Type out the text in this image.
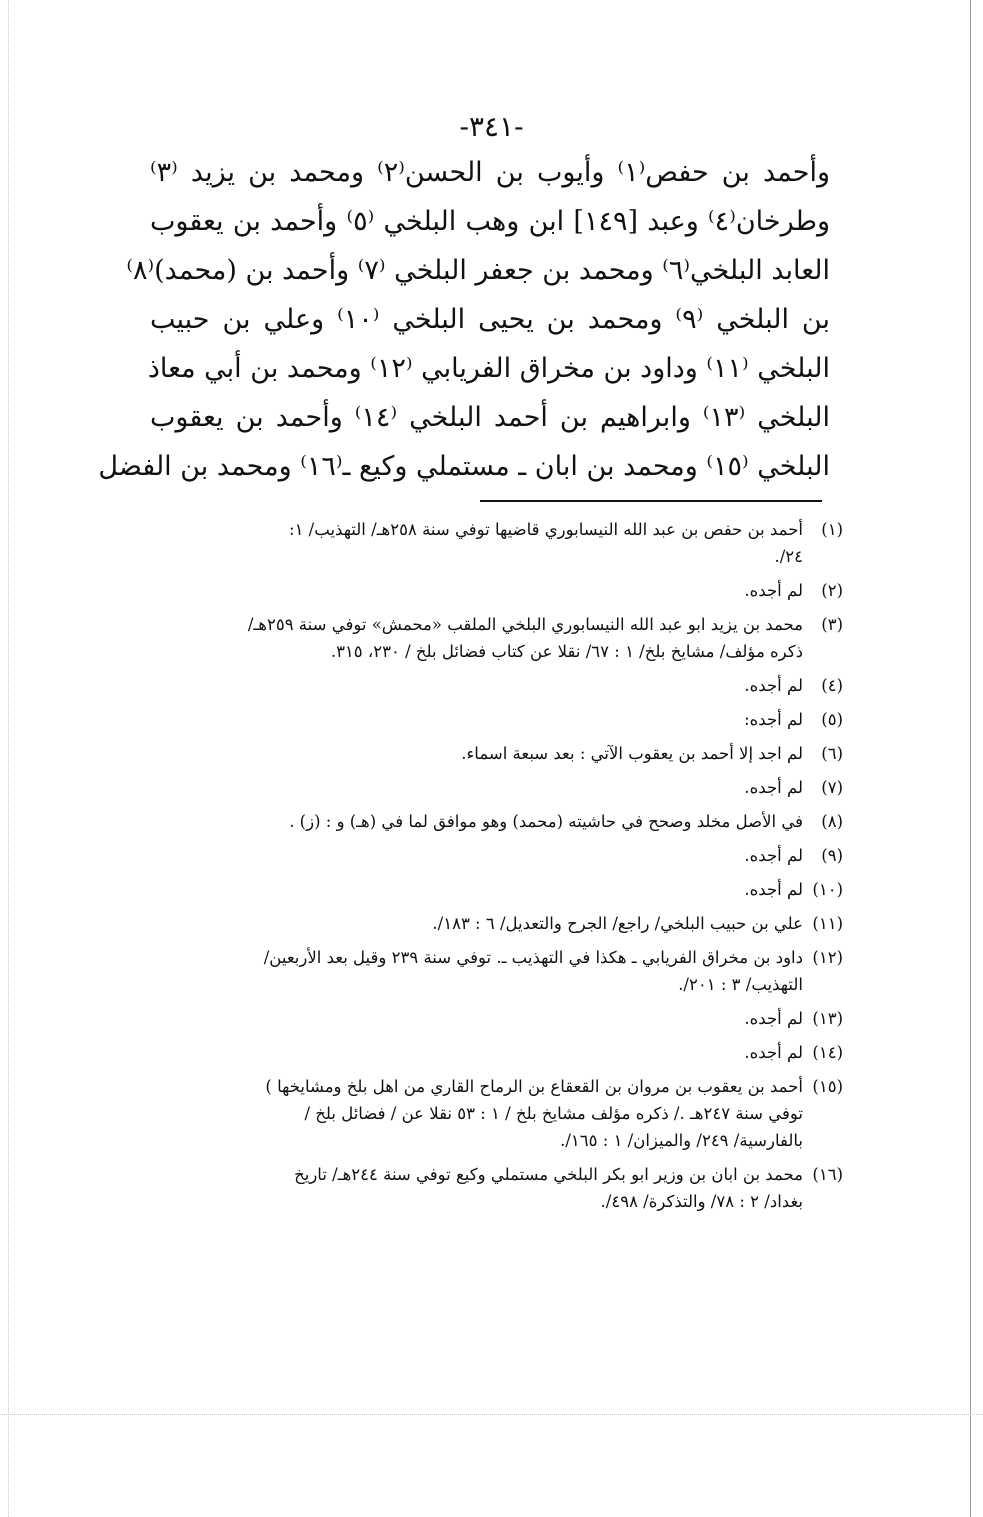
-٣٤١-
وأحمد بن حفص‏⁽١⁾ وأيوب بن الحسن‏⁽٢⁾ ومحمد بن يزيد ⁽٣⁾
وطرخان⁽٤⁾ وعبد [١٤٩] ابن وهب البلخي ⁽٥⁾ وأحمد بن يعقوب
العابد البلخي⁽٦⁾ ومحمد بن جعفر البلخي ⁽٧⁾ وأحمد بن (محمد)⁽٨⁾
بن البلخي ⁽٩⁾ ومحمد بن يحيى البلخي ⁽١٠⁾ وعلي بن حبيب
البلخي ⁽١١⁾ وداود بن مخراق الفريابي ⁽١٢⁾ ومحمد بن أبي معاذ
البلخي ⁽١٣⁾ وابراهيم بن أحمد البلخي ⁽١٤⁾ وأحمد بن يعقوب
البلخي ⁽١٥⁾ ومحمد بن ابان ـ مستملي وكيع ـ⁽١٦⁾ ومحمد بن الفضل
(١)
أحمد بن حفص بن عبد الله النيسابوري قاضيها توفي سنة ٢٥٨هـ/ التهذيب/ ١:
٢٤/.
(٢)
لم أجده.
(٣)
محمد بن يزيد ابو عبد الله النيسابوري البلخي الملقب «محمش» توفي سنة ٢٥٩هـ/
ذكره مؤلف/ مشايخ بلخ/ ١ : ٦٧/ نقلا عن كتاب فضائل بلخ / ٢٣٠، ٣١٥.
(٤)
لم أجده.
(٥)
لم أجده:
(٦)
لم اجد إلا أحمد بن يعقوب الآتي : بعد سبعة اسماء.
(٧)
لم أجده.
(٨)
في الأصل مخلد وصحح في حاشيته (محمد) وهو موافق لما في (هـ) و : (ز) .
(٩)
لم أجده.
(١٠)
لم أجده.
(١١)
علي بن حبيب البلخي/ راجع/ الجرح والتعديل/ ٦ : ١٨٣/.
(١٢)
داود بن مخراق الفريابي ـ هكذا في التهذيب ـ. توفي سنة ٢٣٩ وقيل بعد الأربعين/
التهذيب/ ٣ : ٢٠١/.
(١٣)
لم أجده.
(١٤)
لم أجده.
(١٥)
أحمد بن يعقوب بن مروان بن القعقاع بن الرماح القاري من اهل بلخ ومشايخها )
توفي سنة ٢٤٧هـ ./ ذكره مؤلف مشايخ بلخ / ١ : ٥٣ نقلا عن / فضائل بلخ /
بالفارسية/ ٢٤٩/ والميزان/ ١ : ١٦٥/.
(١٦)
محمد بن ابان بن وزير ابو بكر البلخي مستملي وكيع توفي سنة ٢٤٤هـ/ تاريخ
بغداد/ ٢ : ٧٨/ والتذكرة/ ٤٩٨/.
